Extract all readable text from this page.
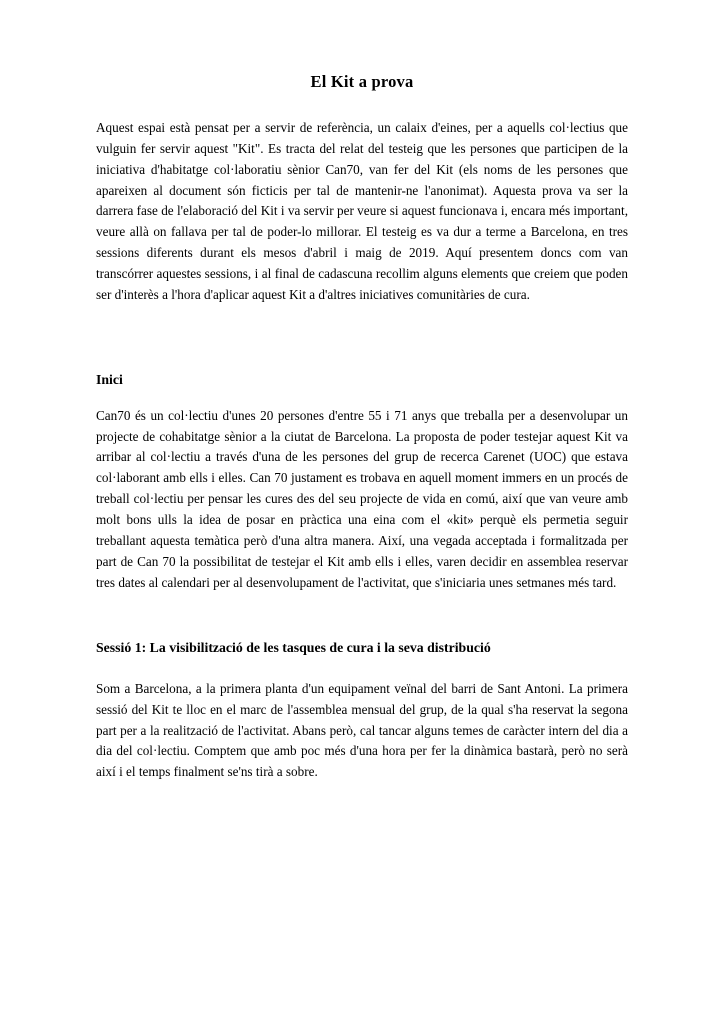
El Kit a prova

Aquest espai està pensat per a servir de referència, un calaix d'eines, per a aquells col·lectius que vulguin fer servir aquest "Kit". Es tracta del relat del testeig que les persones que participen de la iniciativa d'habitatge col·laboratiu sènior Can70, van fer del Kit (els noms de les persones que apareixen al document són ficticis per tal de mantenir-ne l'anonimat). Aquesta prova va ser la darrera fase de l'elaboració del Kit i va servir per veure si aquest funcionava i, encara més important, veure allà on fallava per tal de poder-lo millorar. El testeig es va dur a terme a Barcelona, en tres sessions diferents durant els mesos d'abril i maig de 2019. Aquí presentem doncs com van transcórrer aquestes sessions, i al final de cadascuna recollim alguns elements que creiem que poden ser d'interès a l'hora d'aplicar aquest Kit a d'altres iniciatives comunitàries de cura.

Inici

Can70 és un col·lectiu d'unes 20 persones d'entre 55 i 71 anys que treballa per a desenvolupar un projecte de cohabitatge sènior a la ciutat de Barcelona. La proposta de poder testejar aquest Kit va arribar al col·lectiu a través d'una de les persones del grup de recerca Carenet (UOC) que estava col·laborant amb ells i elles. Can 70 justament es trobava en aquell moment immers en un procés de treball col·lectiu per pensar les cures des del seu projecte de vida en comú, així que van veure amb molt bons ulls la idea de posar en pràctica una eina com el «kit» perquè els permetia seguir treballant aquesta temàtica però d'una altra manera. Així, una vegada acceptada i formalitzada per part de Can 70 la possibilitat de testejar el Kit amb ells i elles, varen decidir en assemblea reservar tres dates al calendari per al desenvolupament de l'activitat, que s'iniciaria unes setmanes més tard.

Sessió 1: La visibilització de les tasques de cura i la seva distribució

Som a Barcelona, a la primera planta d'un equipament veïnal del barri de Sant Antoni. La primera sessió del Kit te lloc en el marc de l'assemblea mensual del grup, de la qual s'ha reservat la segona part per a la realització de l'activitat. Abans però, cal tancar alguns temes de caràcter intern del dia a dia del col·lectiu. Comptem que amb poc més d'una hora per fer la dinàmica bastarà, però no serà així i el temps finalment se'ns tirà a sobre.
